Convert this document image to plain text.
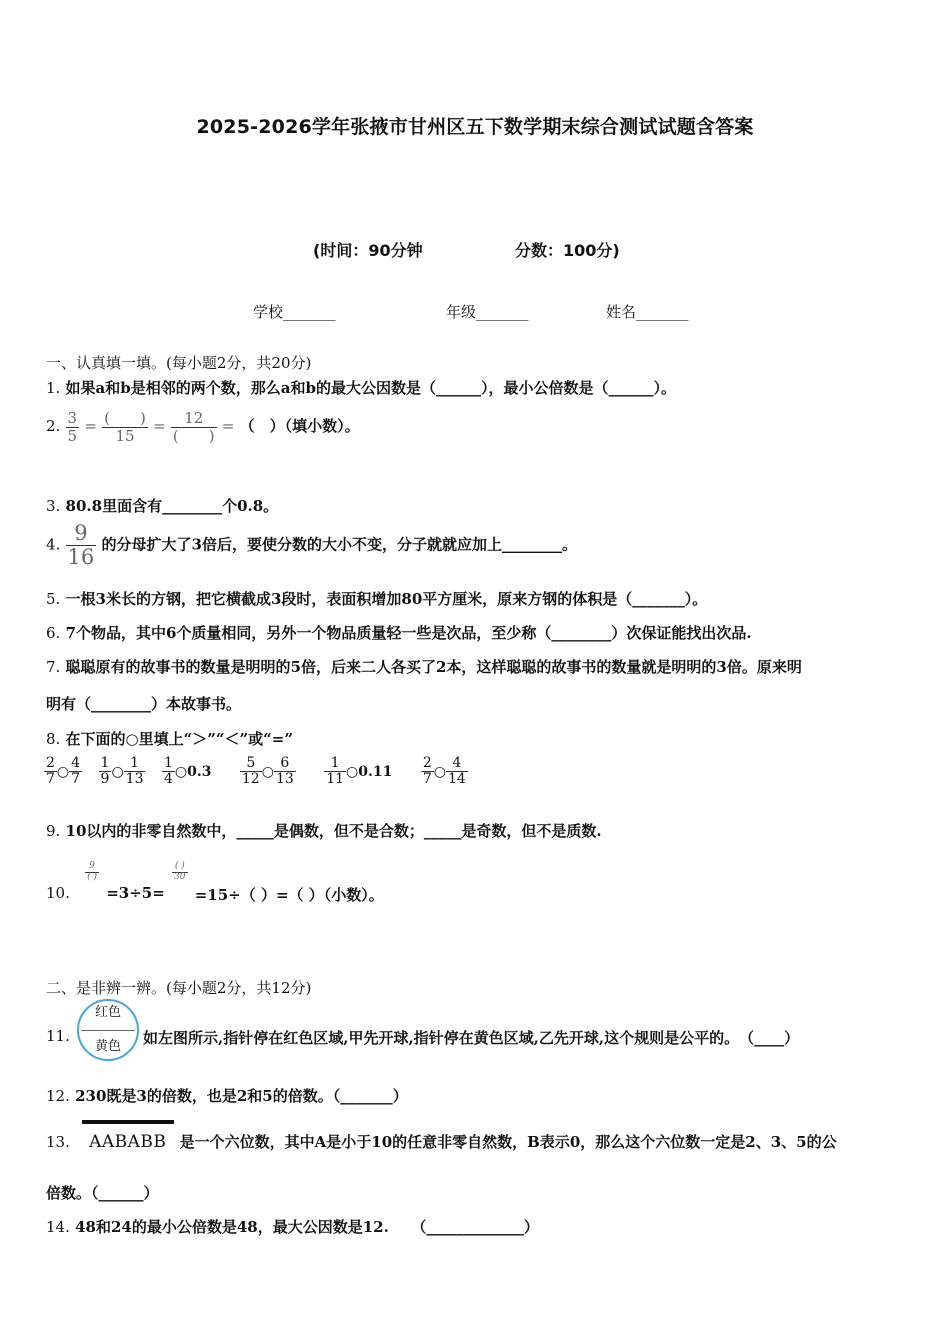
2025-2026学年张掖市甘州区五下数学期末综合测试试题含答案
(时间：90分钟	分数：100分)
学校_______	年级_______	姓名_______
一、认真填一填。(每小题2分，共20分)
1. 如果a和b是相邻的两个数，那么a和b的最大公因数是（______），最小公倍数是（______）。
2. $\frac{3}{5} = \frac{( )}{15} = \frac{12}{( )}$ = （　）（填小数）。
3. 80.8里面含有________个0.8。
4. $\frac{9}{16}$ 的分母扩大了3倍后，要使分数的大小不变，分子就就应加上________。
5. 一根3米长的方钢，把它横截成3段时，表面积增加80平方厘米，原来方钢的体积是（_______）。
6. 7个物品，其中6个质量相同，另外一个物品质量轻一些是次品，至少称（________）次保证能找出次品.
7. 聪聪原有的故事书的数量是明明的5倍，后来二人各买了2本，这样聪聪的故事书的数量就是明明的3倍。原来明
明有（________）本故事书。
8. 在下面的○里填上“＞”“＜”或“=”
$\frac{2}{7}$ ○ $\frac{4}{7}$
$\frac{1}{9}$ ○ $\frac{1}{13}$
$\frac{1}{4}$ ○0.3 $\frac{5}{12}$ ○ $\frac{6}{13}$
$\frac{1}{11}$ ○0.11 $\frac{2}{7}$ ○ $\frac{4}{14}$
9. 10以内的非零自然数中，_____是偶数，但不是合数；_____是奇数，但不是质数.
10.
$\frac{9}{( )}$
=3÷5=
$\frac{( )}{30}$
=15÷（ ）=（ ）（小数）。
二、是非辨一辨。(每小题2分，共12分)
11.
红色
黄色	如左图所示,指针停在红色区域,甲先开球,指针停在黄色区域,乙先开球,这个规则是公平的。　（____）
12. 230既是3的倍数，也是2和5的倍数。（_______）
13. AABABB 是一个六位数，其中A是小于10的任意非零自然数，B表示0，那么这个六位数一定是2、3、5的公
倍数。（______）
14. 48和24的最小公倍数是48，最大公因数是12.　　（_____________）
